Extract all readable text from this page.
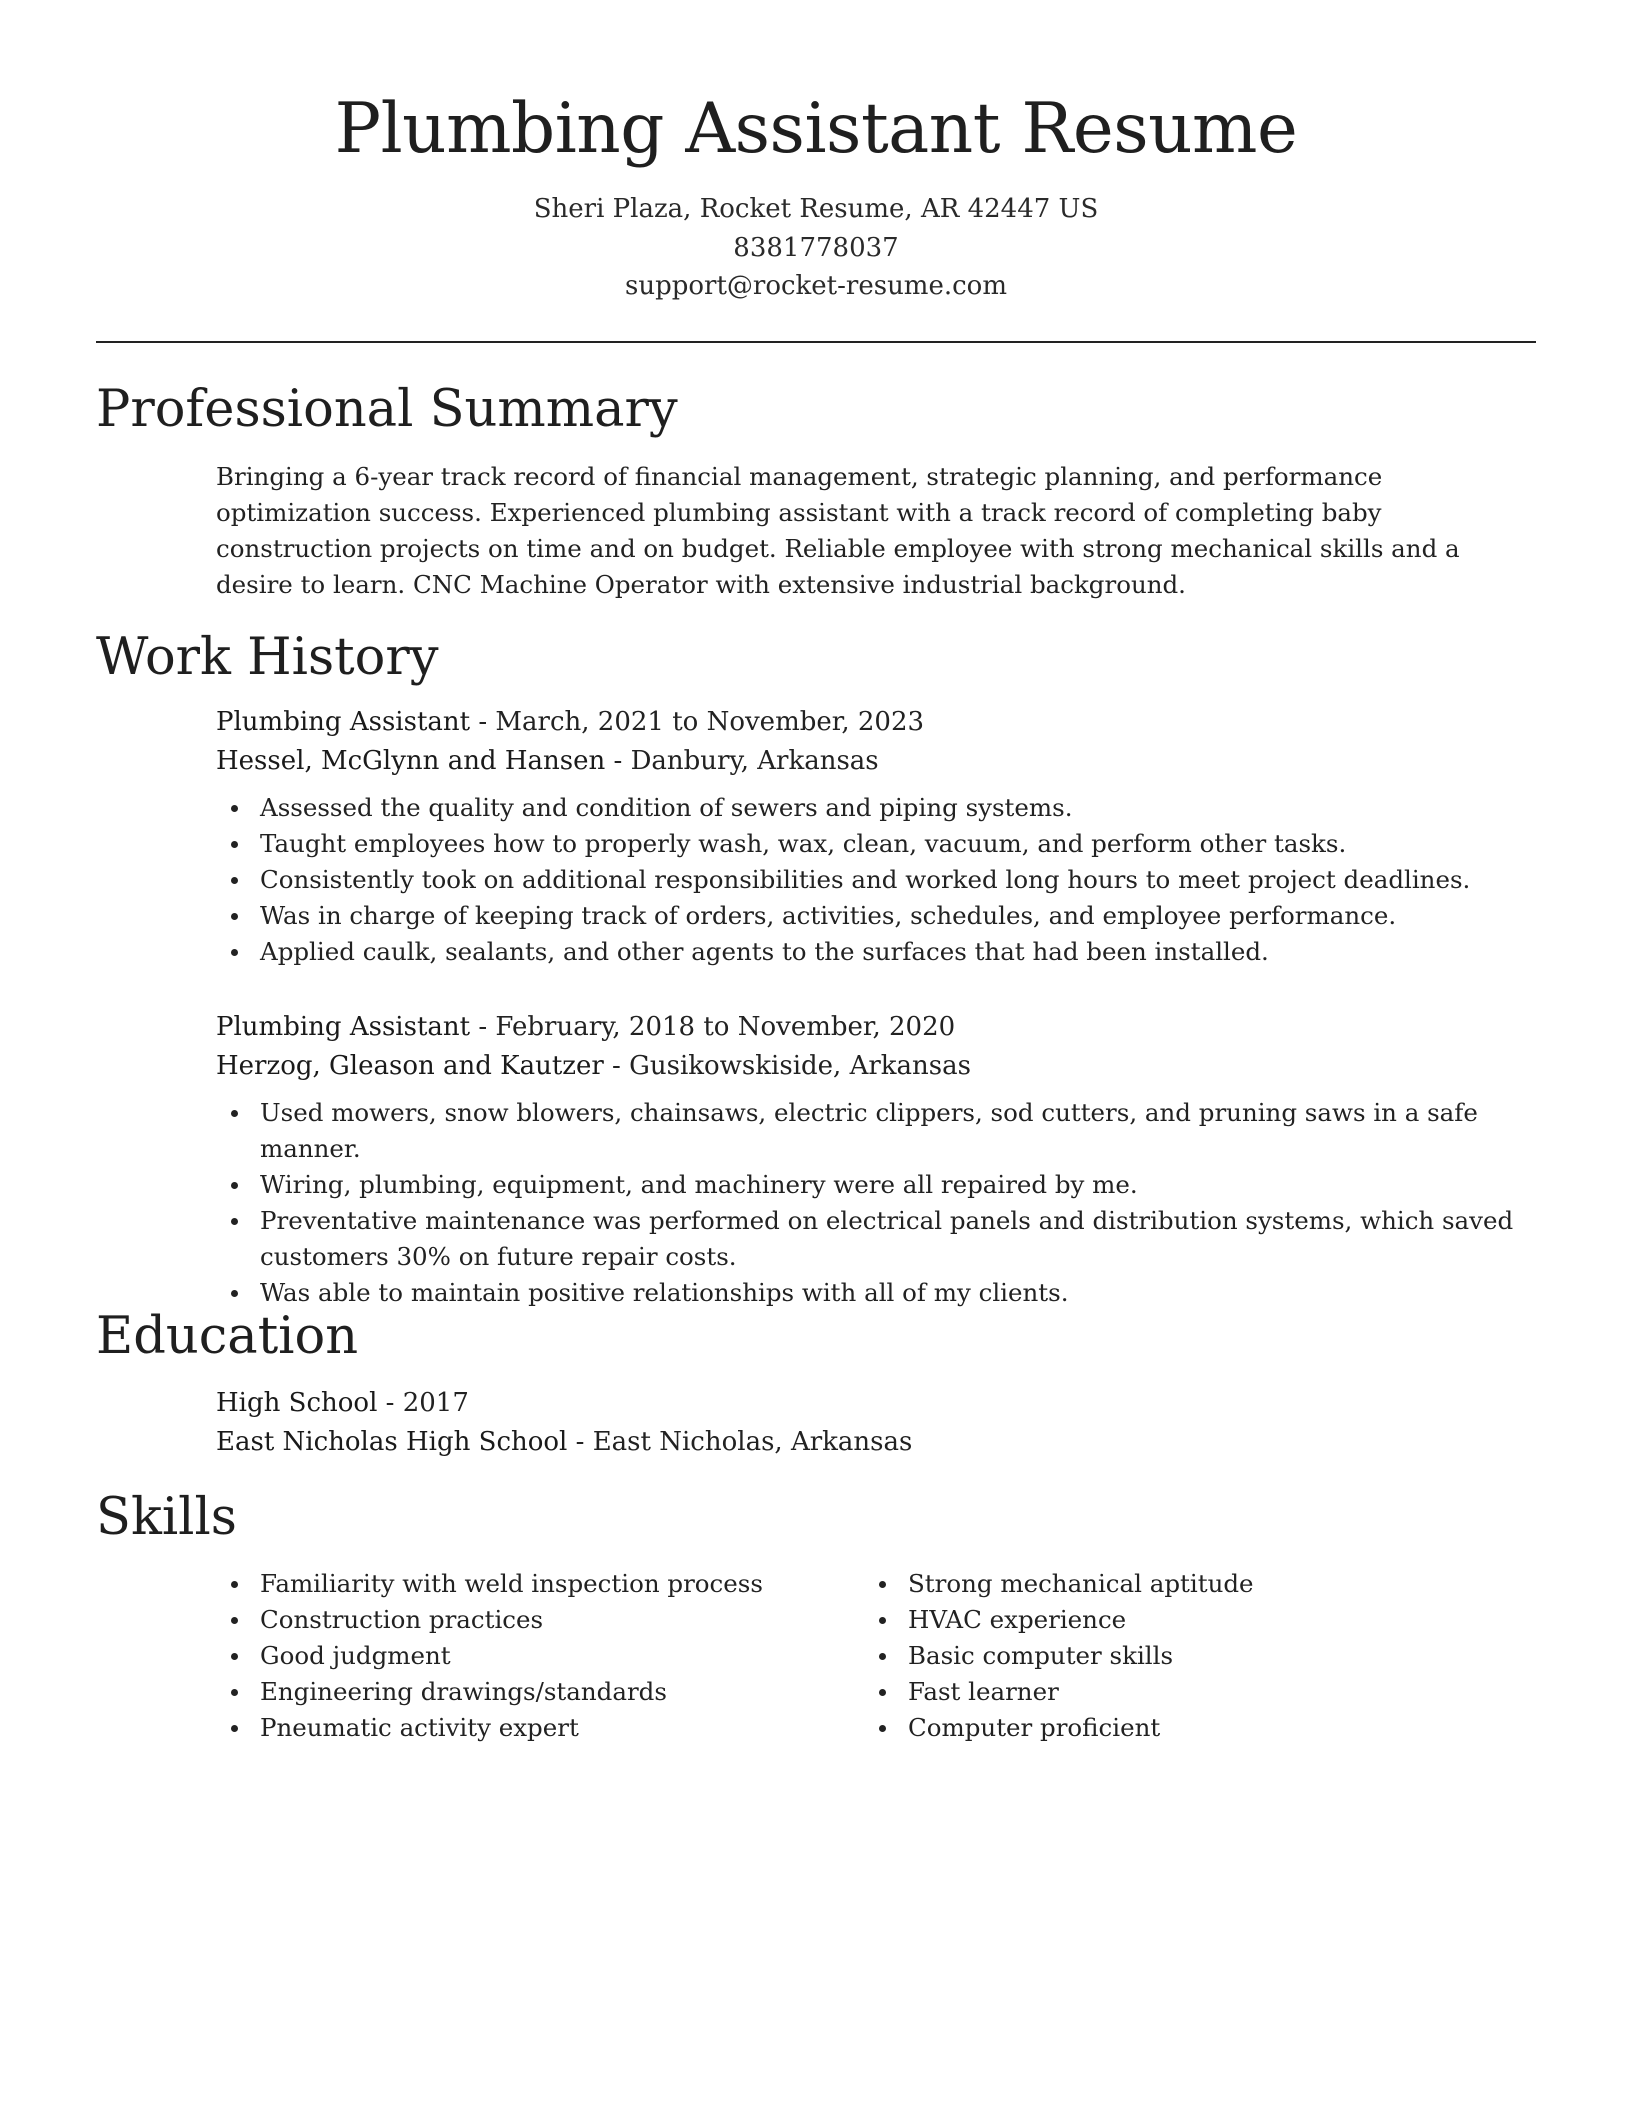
Plumbing Assistant Resume
Sheri Plaza, Rocket Resume, AR 42447 US
8381778037
support@rocket-resume.com
Professional Summary

Bringing a 6-year track record of financial management, strategic planning, and performance optimization success. Experienced plumbing assistant with a track record of completing baby construction projects on time and on budget. Reliable employee with strong mechanical skills and a desire to learn. CNC Machine Operator with extensive industrial background.

Work History
Plumbing Assistant - March, 2021 to November, 2023
Hessel, McGlynn and Hansen - Danbury, Arkansas
Assessed the quality and condition of sewers and piping systems.
Taught employees how to properly wash, wax, clean, vacuum, and perform other tasks.
Consistently took on additional responsibilities and worked long hours to meet project deadlines.
Was in charge of keeping track of orders, activities, schedules, and employee performance.
Applied caulk, sealants, and other agents to the surfaces that had been installed.
Plumbing Assistant - February, 2018 to November, 2020
Herzog, Gleason and Kautzer - Gusikowskiside, Arkansas
Used mowers, snow blowers, chainsaws, electric clippers, sod cutters, and pruning saws in a safe manner.
Wiring, plumbing, equipment, and machinery were all repaired by me.
Preventative maintenance was performed on electrical panels and distribution systems, which saved customers 30% on future repair costs.
Was able to maintain positive relationships with all of my clients.
Education
High School - 2017
East Nicholas High School - East Nicholas, Arkansas
Skills
Familiarity with weld inspection process
Construction practices
Good judgment
Engineering drawings/standards
Pneumatic activity expert
Strong mechanical aptitude
HVAC experience
Basic computer skills
Fast learner
Computer proficient
